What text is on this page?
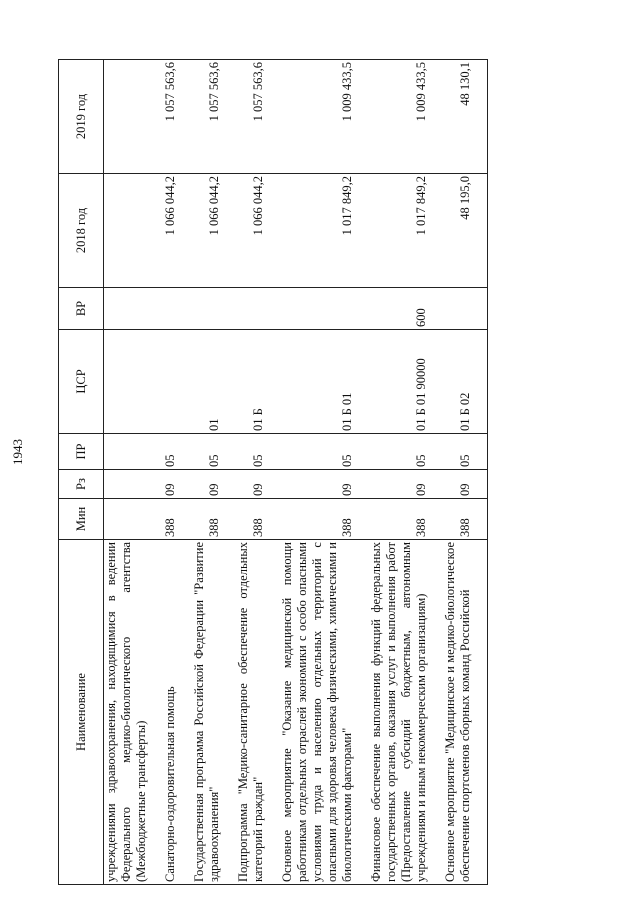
1943
Наименование	Мин	Рз	ПР	ЦСР	ВР	2018 год	2019 год
учреждениями здравоохранения, находящимися в ведении Федерального медико-биологического агентства (Межбюджетные трансферты)							
Санаторно-оздоровительная помощь	388	09	05			1 066 044,2	1 057 563,6
Государственная программа Российской Федерации "Развитие здравоохранения"	388	09	05	01		1 066 044,2	1 057 563,6
Подпрограмма "Медико-санитарное обеспечение отдельных категорий граждан"	388	09	05	01 Б		1 066 044,2	1 057 563,6
Основное мероприятие "Оказание медицинской помощи работникам отдельных отраслей экономики с особо опасными условиями труда и населению отдельных территорий с опасными для здоровья человека физическими, химическими и биологическими факторами"	388	09	05	01 Б 01		1 017 849,2	1 009 433,5
Финансовое обеспечение выполнения функций федеральных государственных органов, оказания услуг и выполнения работ (Предоставление субсидий бюджетным, автономным учреждениям и иным некоммерческим организациям)	388	09	05	01 Б 01 90000	600	1 017 849,2	1 009 433,5
Основное мероприятие "Медицинское и медико-биологическое обеспечение спортсменов сборных команд Российской	388	09	05	01 Б 02		48 195,0	48 130,1
